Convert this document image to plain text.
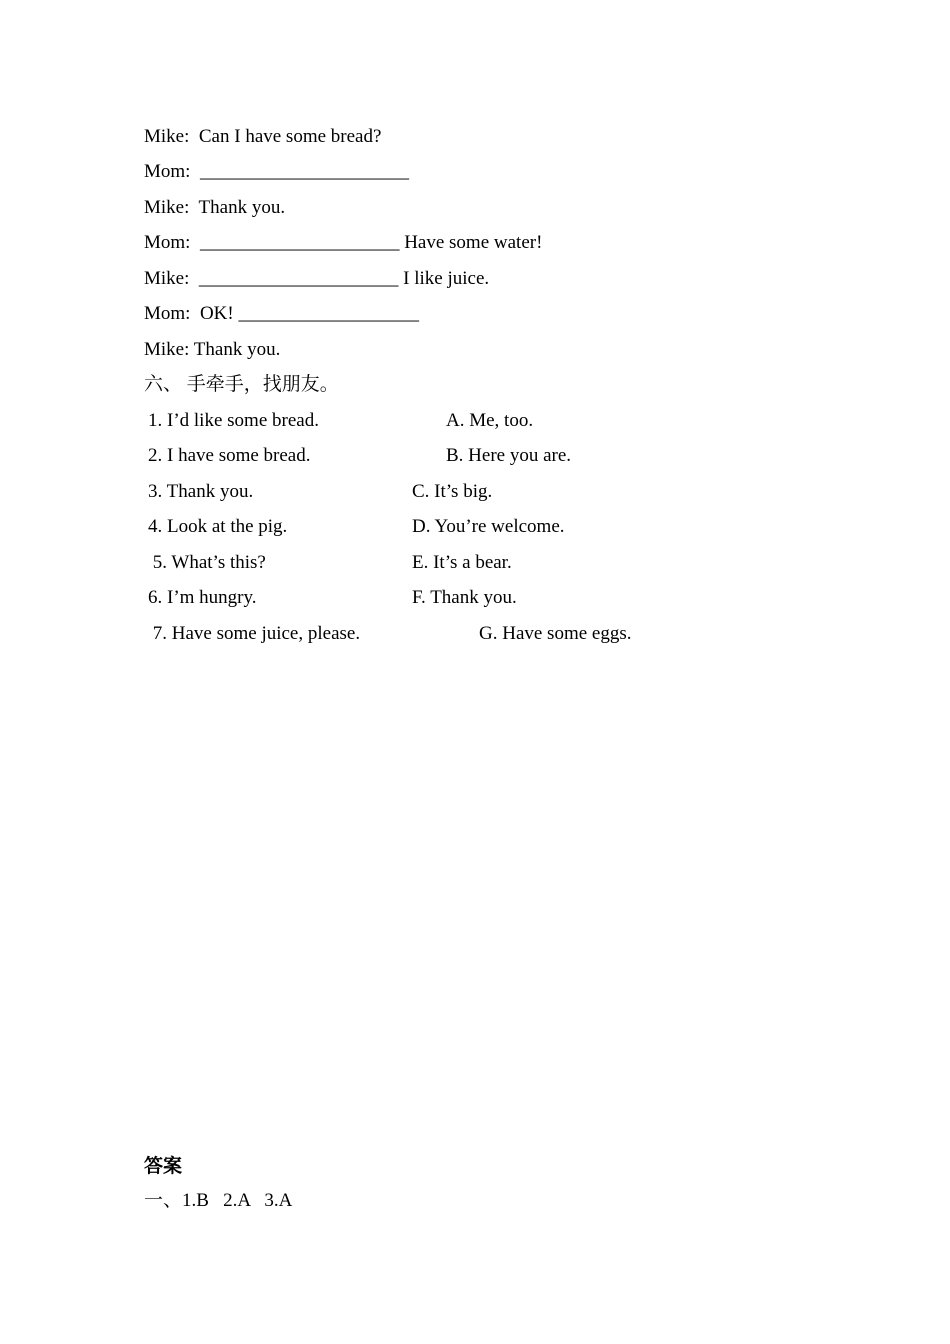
Mike:  Can I have some bread?
Mom:  ______________________
Mike:  Thank you.
Mom:  _____________________ Have some water!
Mike:  _____________________ I like juice.
Mom:  OK! ___________________
Mike: Thank you.
六、 手牵手，找朋友。
1. I’d like some bread.
2. I have some bread.
3. Thank you.
4. Look at the pig.
5. What’s this?
6. I’m hungry.
7. Have some juice, please.
A. Me, too.
B. Here you are.
C. It’s big.
D. You’re welcome.
E. It’s a bear.
F. Thank you.
G. Have some eggs.
答案
一、1.B   2.A   3.A
